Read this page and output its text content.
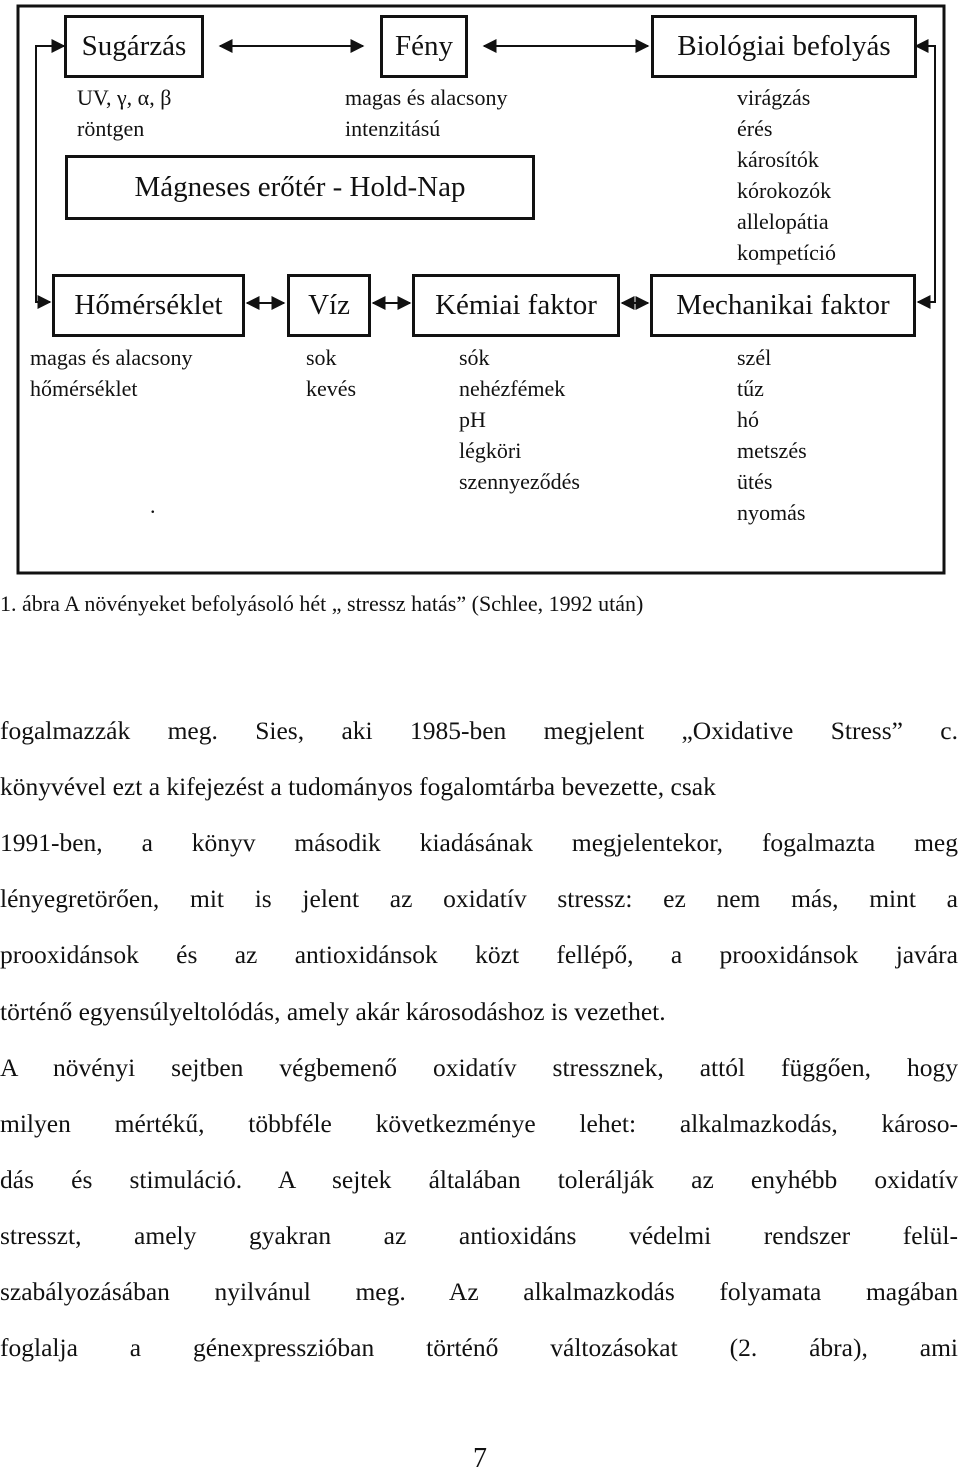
Sugárzás	Fény	Biológiai befolyás
Mágneses erőtér - Hold-Nap
Hőmérséklet	Víz	Kémiai faktor	Mechanikai faktor
UV, γ, α, β
röntgen
magas és alacsony
intenzitású
virágzás
érés
károsítók
kórokozók
allelopátia
kompetíció
magas és alacsony
hőmérséklet
sok
kevés
sók
nehézfémek
pH
légköri
szennyeződés
szél
tűz
hó
metszés
ütés
nyomás
.
1. ábra A növényeket befolyásoló hét „ stressz hatás” (Schlee, 1992 után)
fogalmazzák meg. Sies, aki 1985-ben megjelent „Oxidative Stress” c.
könyvével ezt a kifejezést a tudományos fogalomtárba bevezette, csak
1991-ben, a könyv második kiadásának megjelentekor, fogalmazta meg
lényegretörően, mit is jelent az oxidatív stressz: ez nem más, mint a
prooxidánsok és az antioxidánsok közt fellépő, a prooxidánsok javára
történő egyensúlyeltolódás, amely akár károsodáshoz is vezethet.
A növényi sejtben végbemenő oxidatív stressznek, attól függően, hogy
milyen mértékű, többféle következménye lehet: alkalmazkodás, károso-
dás és stimuláció. A sejtek általában tolerálják az enyhébb oxidatív
stresszt, amely gyakran az antioxidáns védelmi rendszer felül-
szabályozásában nyilvánul meg. Az alkalmazkodás folyamata magában
foglalja a génexpresszióban történő változásokat (2. ábra), ami
7
